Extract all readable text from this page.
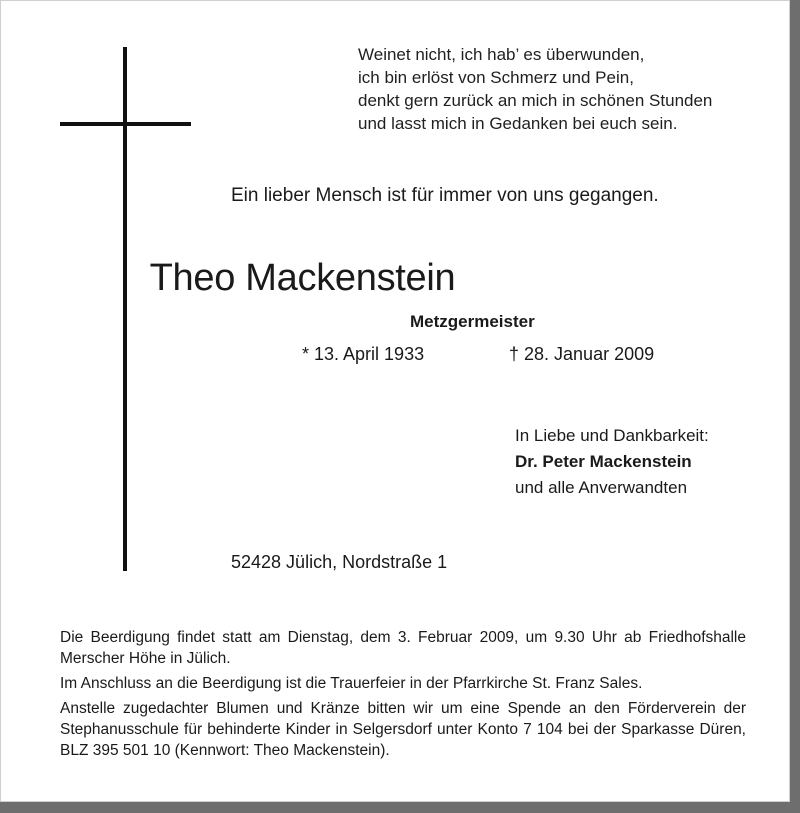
Weinet nicht, ich hab’ es überwunden,
ich bin erlöst von Schmerz und Pein,
denkt gern zurück an mich in schönen Stunden
und lasst mich in Gedanken bei euch sein.
Ein lieber Mensch ist für immer von uns gegangen.
Theo Mackenstein
Metzgermeister
* 13. April 1933	† 28. Januar 2009
In Liebe und Dankbarkeit:
Dr. Peter Mackenstein
und alle Anverwandten
52428 Jülich, Nordstraße 1

Die Beerdigung findet statt am Dienstag, dem 3. Februar 2009, um 9.30 Uhr ab Friedhofshalle Merscher Höhe in Jülich.

Im Anschluss an die Beerdigung ist die Trauerfeier in der Pfarrkirche St. Franz Sales.

Anstelle zugedachter Blumen und Kränze bitten wir um eine Spende an den Förderverein der Stephanusschule für behinderte Kinder in Selgersdorf unter Konto 7 104 bei der Sparkasse Düren, BLZ 395 501 10 (Kennwort: Theo Mackenstein).
